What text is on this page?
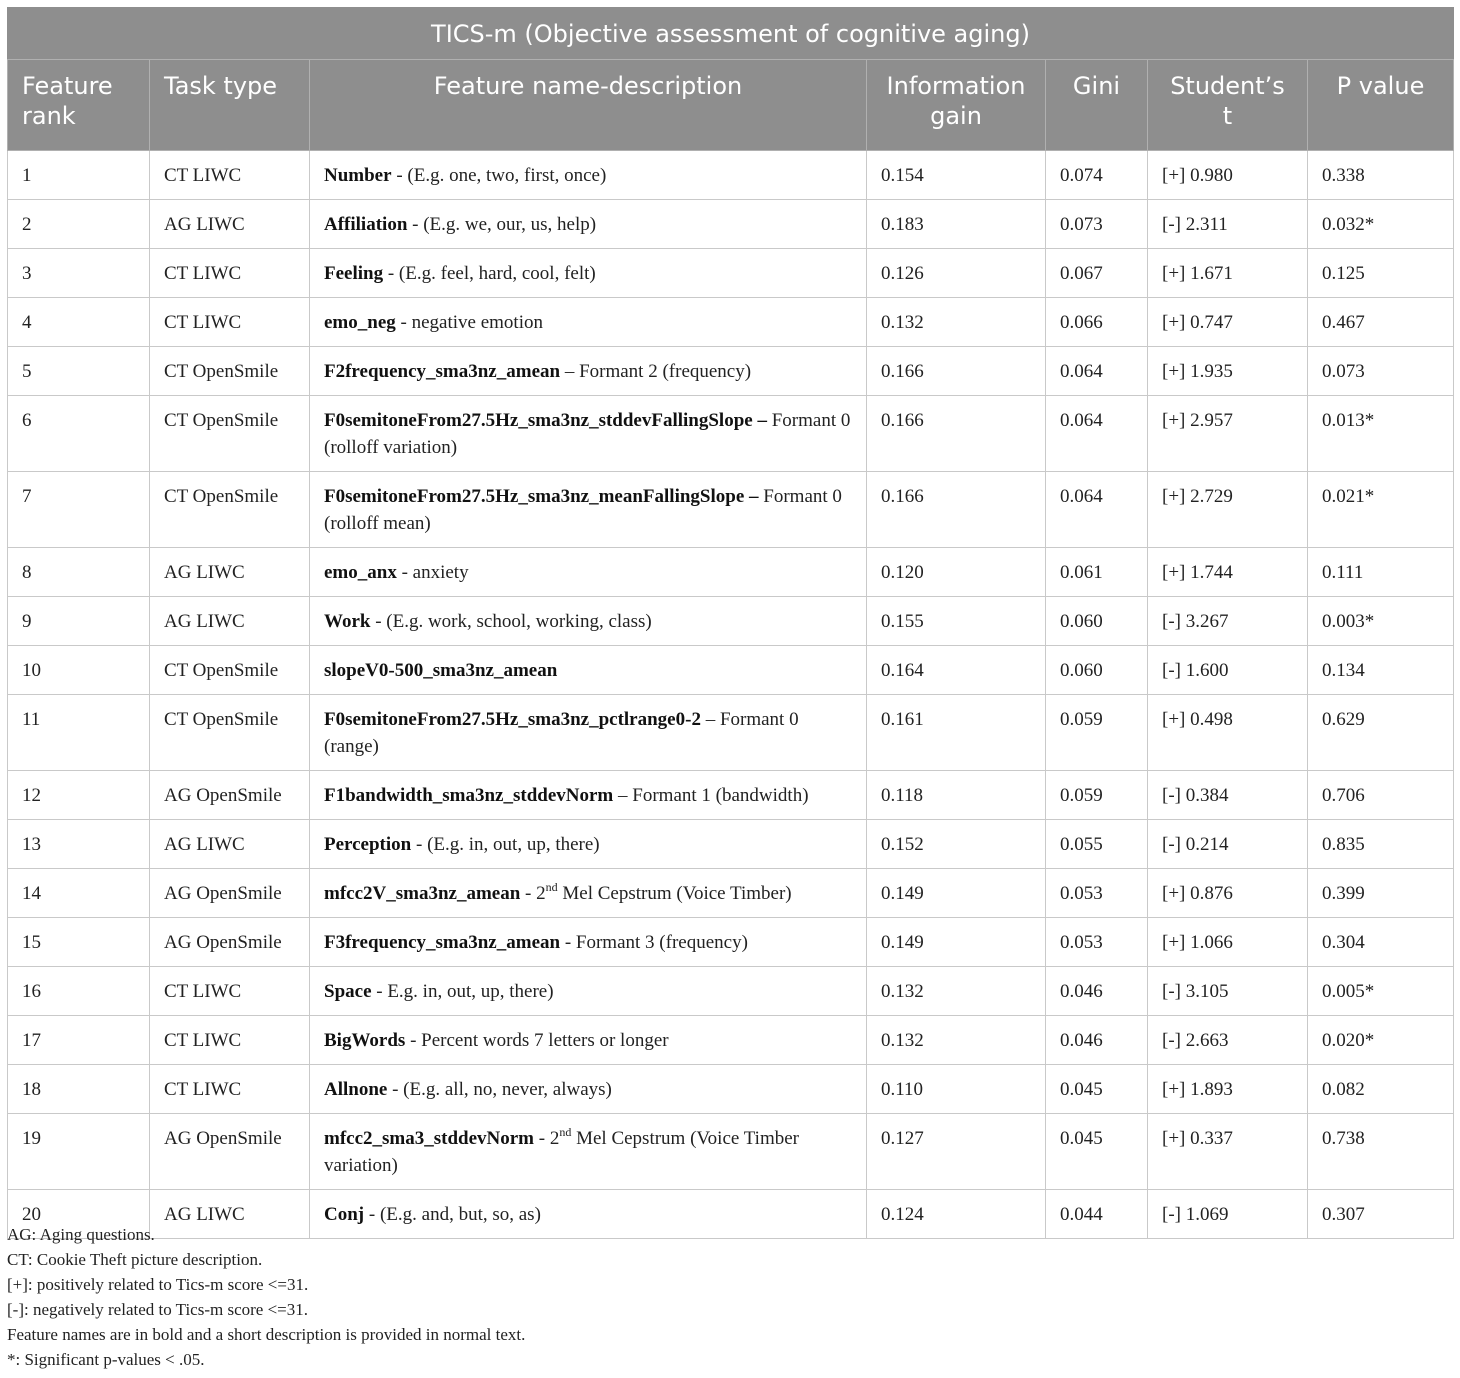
TICS-m (Objective assessment of cognitive aging)						
Feature rank	Task type	Feature name-description	Information gain	Gini	Student’s t	P value
1	CT LIWC	Number - (E.g. one, two, first, once)	0.154	0.074	[+] 0.980	0.338
2	AG LIWC	Affiliation - (E.g. we, our, us, help)	0.183	0.073	[-] 2.311	0.032*
3	CT LIWC	Feeling - (E.g. feel, hard, cool, felt)	0.126	0.067	[+] 1.671	0.125
4	CT LIWC	emo_neg - negative emotion	0.132	0.066	[+] 0.747	0.467
5	CT OpenSmile	F2frequency_sma3nz_amean – Formant 2 (frequency)	0.166	0.064	[+] 1.935	0.073
6	CT OpenSmile	F0semitoneFrom27.5Hz_sma3nz_stddevFallingSlope – Formant 0 (rolloff variation)	0.166	0.064	[+] 2.957	0.013*
7	CT OpenSmile	F0semitoneFrom27.5Hz_sma3nz_meanFallingSlope – Formant 0 (rolloff mean)	0.166	0.064	[+] 2.729	0.021*
8	AG LIWC	emo_anx - anxiety	0.120	0.061	[+] 1.744	0.111
9	AG LIWC	Work - (E.g. work, school, working, class)	0.155	0.060	[-] 3.267	0.003*
10	CT OpenSmile	slopeV0-500_sma3nz_amean	0.164	0.060	[-] 1.600	0.134
11	CT OpenSmile	F0semitoneFrom27.5Hz_sma3nz_pctlrange0-2 – Formant 0 (range)	0.161	0.059	[+] 0.498	0.629
12	AG OpenSmile	F1bandwidth_sma3nz_stddevNorm – Formant 1 (bandwidth)	0.118	0.059	[-] 0.384	0.706
13	AG LIWC	Perception - (E.g. in, out, up, there)	0.152	0.055	[-] 0.214	0.835
14	AG OpenSmile	mfcc2V_sma3nz_amean - 2nd Mel Cepstrum (Voice Timber)	0.149	0.053	[+] 0.876	0.399
15	AG OpenSmile	F3frequency_sma3nz_amean - Formant 3 (frequency)	0.149	0.053	[+] 1.066	0.304
16	CT LIWC	Space - E.g. in, out, up, there)	0.132	0.046	[-] 3.105	0.005*
17	CT LIWC	BigWords - Percent words 7 letters or longer	0.132	0.046	[-] 2.663	0.020*
18	CT LIWC	Allnone - (E.g. all, no, never, always)	0.110	0.045	[+] 1.893	0.082
19	AG OpenSmile	mfcc2_sma3_stddevNorm - 2nd Mel Cepstrum (Voice Timber variation)	0.127	0.045	[+] 0.337	0.738
20	AG LIWC	Conj - (E.g. and, but, so, as)	0.124	0.044	[-] 1.069	0.307
AG: Aging questions.
CT: Cookie Theft picture description.
[+]: positively related to Tics-m score <=31.
[-]: negatively related to Tics-m score <=31.
Feature names are in bold and a short description is provided in normal text.
*: Significant p-values < .05.
